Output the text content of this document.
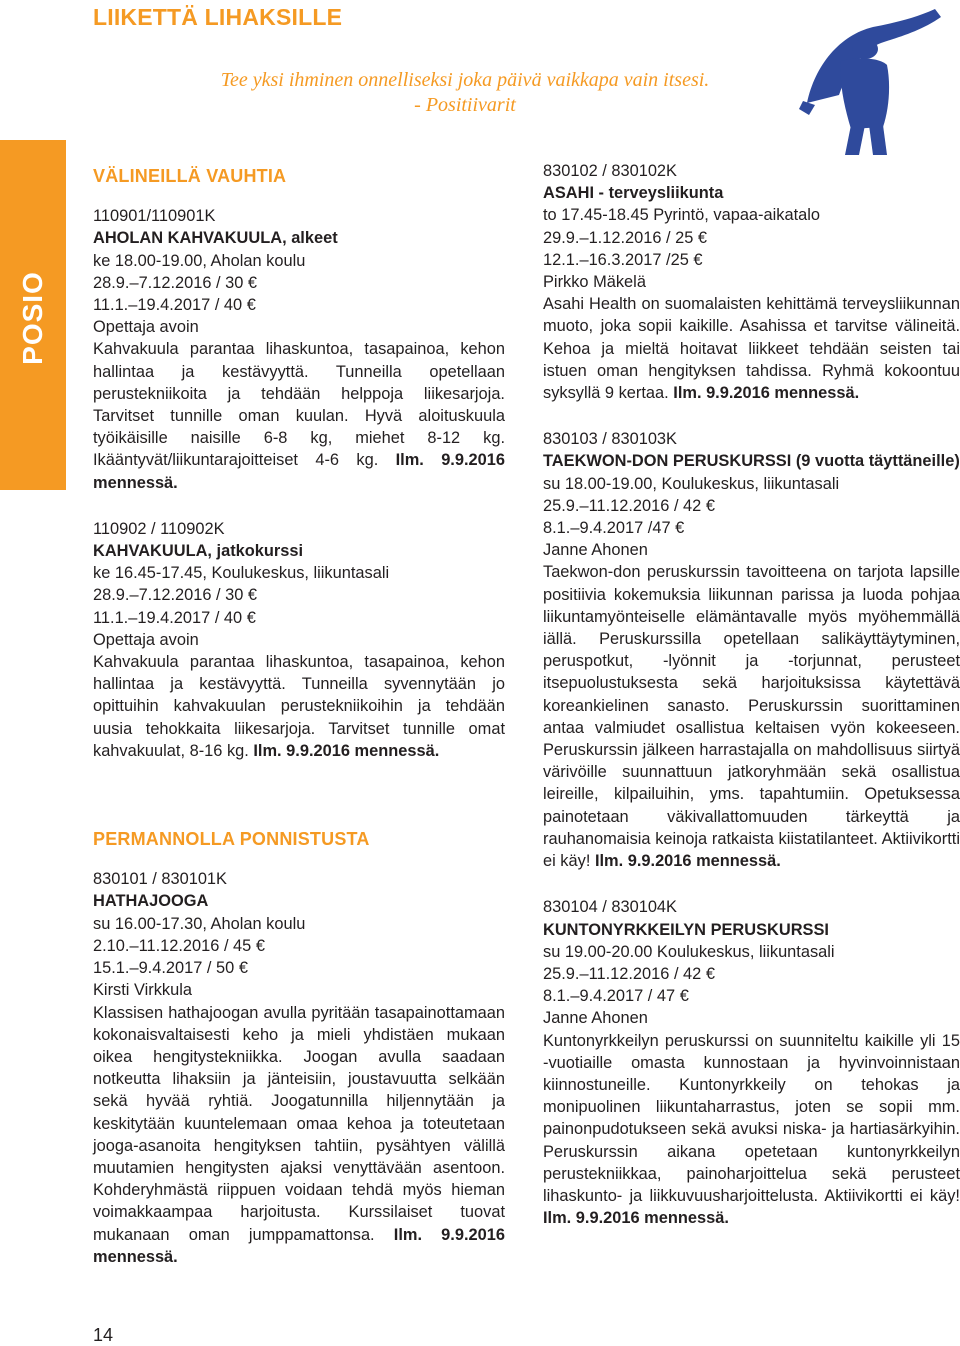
LIIKETTÄ LIHAKSILLE
Tee yksi ihminen onnelliseksi joka päivä vaikkapa vain itsesi.
- Positiivarit
POSIO
VÄLINEILLÄ VAUHTIA

110901/110901K

AHOLAN KAHVAKUULA, alkeet

ke 18.00-19.00, Aholan koulu

28.9.–7.12.2016 / 30 €

11.1.–19.4.2017 / 40 €

Opettaja avoin

Kahvakuula parantaa lihaskuntoa, tasapainoa, kehon hallintaa ja kestävyyttä. Tunneilla opetellaan perustekniikoita ja tehdään helppoja liikesarjoja. Tarvitset tunnille oman kuulan. Hyvä aloituskuula työikäisille naisille 6-8 kg, miehet 8-12 kg. Ikääntyvät/liikuntarajoitteiset 4-6 kg. Ilm. 9.9.2016 mennessä.

110902 / 110902K

KAHVAKUULA, jatkokurssi

ke 16.45-17.45, Koulukeskus, liikuntasali

28.9.–7.12.2016 / 30 €

11.1.–19.4.2017 / 40 €

Opettaja avoin

Kahvakuula parantaa lihaskuntoa, tasapainoa, kehon hallintaa ja kestävyyttä. Tunneilla syvennytään jo opittuihin kahvakuulan perustekniikoihin ja tehdään uusia tehokkaita liikesarjoja. Tarvitset tunnille omat kahvakuulat, 8-16 kg. Ilm. 9.9.2016 mennessä.

PERMANNOLLA PONNISTUSTA

830101 / 830101K

HATHAJOOGA

su 16.00-17.30, Aholan koulu

2.10.–11.12.2016 / 45 €

15.1.–9.4.2017 / 50 €

Kirsti Virkkula

Klassisen hathajoogan avulla pyritään tasapainottamaan kokonaisvaltaisesti keho ja mieli yhdistäen mukaan oikea hengitystekniikka. Joogan avulla saadaan notkeutta lihaksiin ja jänteisiin, joustavuutta selkään sekä hyvää ryhtiä. Joogatunnilla hiljennytään ja keskitytään kuuntelemaan omaa kehoa ja toteutetaan jooga-asanoita hengityksen tahtiin, pysähtyen välillä muutamien hengitysten ajaksi venyttävään asentoon. Kohderyhmästä riippuen voidaan tehdä myös hieman voimakkaampaa harjoitusta. Kurssilaiset tuovat mukanaan oman jumppamattonsa. Ilm. 9.9.2016 mennessä.

830102 / 830102K

ASAHI - terveysliikunta

to 17.45-18.45 Pyrintö, vapaa-aikatalo

29.9.–1.12.2016 / 25 €

12.1.–16.3.2017 /25 €

Pirkko Mäkelä

Asahi Health on suomalaisten kehittämä terveysliikunnan muoto, joka sopii kaikille. Asahissa et tarvitse välineitä. Kehoa ja mieltä hoitavat liikkeet tehdään seisten tai istuen oman hengityksen tahdissa. Ryhmä kokoontuu syksyllä 9 kertaa. Ilm. 9.9.2016 mennessä.

830103 / 830103K

TAEKWON-DON PERUSKURSSI (9 vuotta täyttäneille)

su 18.00-19.00, Koulukeskus, liikuntasali

25.9.–11.12.2016 / 42 €

8.1.–9.4.2017 /47 €

Janne Ahonen

Taekwon-don peruskurssin tavoitteena on tarjota lapsille positiivia kokemuksia liikunnan parissa ja luoda pohjaa liikuntamyönteiselle elämäntavalle myös myöhemmällä iällä. Peruskurssilla opetellaan salikäyttäytyminen, peruspotkut, -lyönnit ja -torjunnat, perusteet itsepuolustuksesta sekä harjoituksissa käytettävä koreankielinen sanasto. Peruskurssin suorittaminen antaa valmiudet osallistua keltaisen vyön kokeeseen. Peruskurssin jälkeen harrastajalla on mahdollisuus siirtyä värivöille suunnattuun jatkoryhmään sekä osallistua leireille, kilpailuihin, yms. tapahtumiin. Opetuksessa painotetaan väkivallattomuuden tärkeyttä ja rauhanomaisia keinoja ratkaista kiistatilanteet. Aktiivikortti ei käy! Ilm. 9.9.2016 mennessä.

830104 / 830104K

KUNTONYRKKEILYN PERUSKURSSI

su 19.00-20.00 Koulukeskus, liikuntasali

25.9.–11.12.2016 / 42 €

8.1.–9.4.2017 / 47 €

Janne Ahonen

Kuntonyrkkeilyn peruskurssi on suunniteltu kaikille yli 15 -vuotiaille omasta kunnostaan ja hyvinvoinnistaan kiinnostuneille. Kuntonyrkkeily on tehokas ja monipuolinen liikuntaharrastus, joten se sopii mm. painonpudotukseen sekä avuksi niska- ja hartiasärkyihin. Peruskurssin aikana opetetaan kuntonyrkkeilyn perustekniikkaa, painoharjoittelua sekä perusteet lihaskunto- ja liikkuvuusharjoittelusta. Aktiivikortti ei käy! Ilm. 9.9.2016 mennessä.

14
